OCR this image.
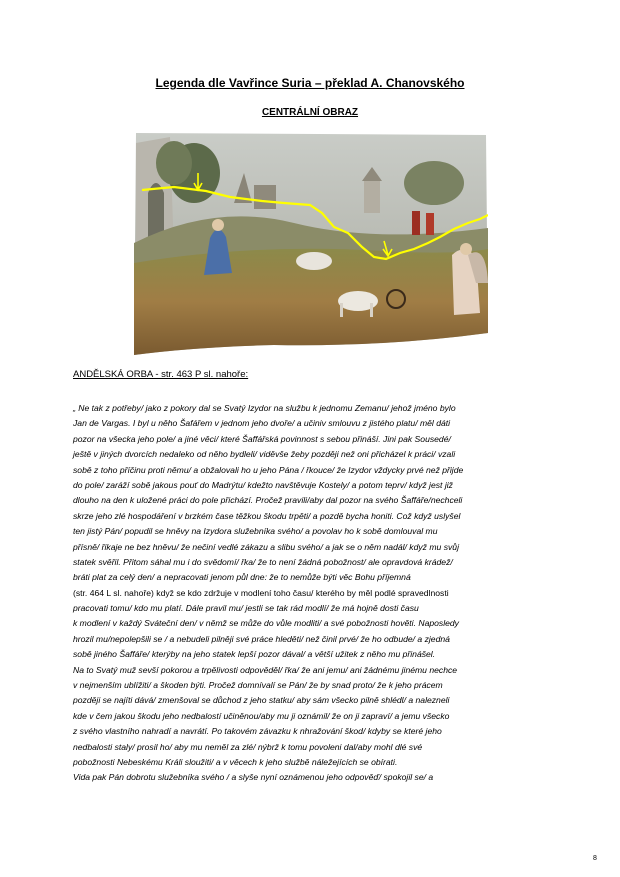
Legenda dle Vavřince Suria – překlad A. Chanovského
CENTRÁLNÍ OBRAZ
ANDĚLSKÁ ORBA - str. 463 P sl. nahoře:
„ Ne tak z potřeby/ jako z pokory dal se Svatý Izydor na službu k jednomu Zemanu/ jehož jméno bylo
Jan de Vargas. I byl u něho Šafářem v jednom jeho dvoře/ a učiniv smlouvu z jistého platu/ měl dáti
pozor na všecka jeho pole/ a jiné věci/ které Šaffářská povinnost s sebou přináší. Jini pak Sousedé/
ještě v jiných dvorcích nedaleko od něho bydleli/ viděvše žeby později než oni přicházel k práci/ vzali
sobě z toho příčinu proti němu/ a obžalovali ho u jeho Pána / řkouce/ že Izydor vždycky prvé než přijde
do pole/ zaráží sobě jakous pouť do Madrýtu/ kdežto navštěvuje Kostely/ a potom teprv/ když jest již
dlouho na den k uložené práci do pole přichází. Pročež pravili/aby dal pozor na svého Šaffáře/nechceli
skrze jeho zlé hospodáření v brzkém čase těžkou škodu trpěti/ a pozdě bycha honiti. Což když uslyšel
ten jistý Pán/ popudil se hněvy na Izydora služebníka svého/ a povolav ho k sobě domlouval mu
přísně/ řikaje ne bez hněvu/ že nečiní vedlé zákazu a slibu svého/ a jak se o něm nadál/ když mu svůj
statek svěřil. Přitom sáhal mu i do svědomí/ řka/ že to není žádná pobožnost/ ale opravdová krádež/
bráti plat za celý den/ a nepracovati jenom půl dne: že to nemůže býti věc Bohu příjemná
(str. 464 L sl. nahoře) když se kdo zdržuje v modlení toho času/ kterého by měl podlé spravedlnosti
pracovati tomu/ kdo mu platí. Dále pravil mu/ jestli se tak rád modlí/ že má hojně dosti času
k modlení v každý Sváteční den/ v němž se může do vůle modliti/ a své pobožnosti hověti. Naposledy
hrozil mu/nepolepšili se / a nebudeli pilněji své práce hleděti/ než činil prvé/ že ho odbude/ a zjedná
sobě jiného Šaffáře/ kterýby na jeho statek lepší pozor dával/ a větší užitek z něho mu přinášel.
Na to Svatý muž sevší pokorou a trpělivosti odpověděl/ řka/ že ani jemu/ ani žádnému jinému nechce
v nejmenším ublížiti/ a škoden býti. Pročež domnívalí se Pán/ že by snad proto/ že k jeho prácem
později se najíti dává/ zmenšoval se důchod z jeho statku/ aby sám všecko pilně shlédl/ a nalezneli
kde v čem jakou škodu jeho nedbalostí učiněnou/aby mu ji oznámil/ že on ji zapraví/ a jemu všecko
z svého vlastního nahradí a navrátí. Po takovém závazku k nhražování škod/ kdyby se které jeho
nedbalosti staly/ prosil ho/ aby mu neměl za zlé/ nýbrž k tomu povoleni dal/aby mohl dlé své
pobožnosti Nebeskému Králi sloužiti/ a v věcech k jeho službě náležejících se obírati.
Vida pak Pán dobrotu služebníka svého / a slyše nyní oznámenou jeho odpověď/ spokojil se/ a
8
